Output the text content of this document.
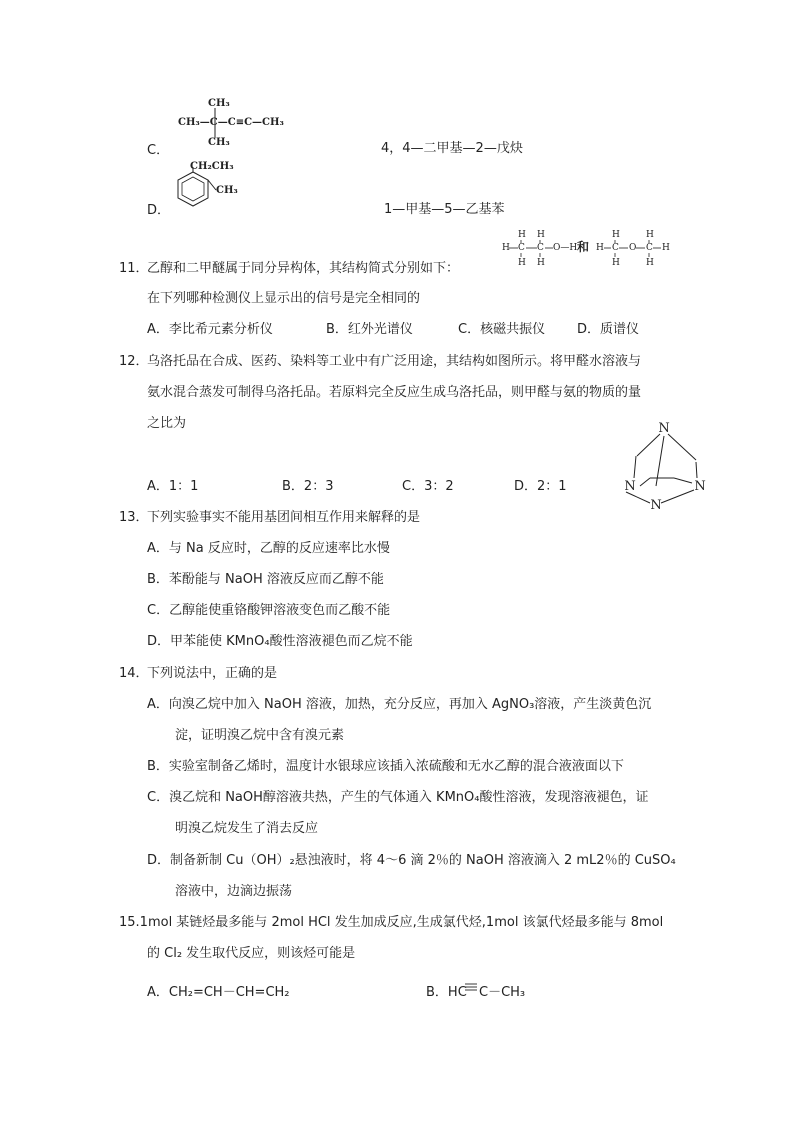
CH₃
CH₃—C—C≡C—CH₃
CH₃
C．	4，4—二甲基—2—戊炔
CH₂CH₃
CH₃
D．	1—甲基—5—乙基苯
H H
H C C O—H
H H
和
H	H
H C O C H
H	H
11．
乙醇和二甲醚属于同分异构体，其结构简式分别如下：
在下列哪种检测仪上显示出的信号是完全相同的
A．李比希元素分析仪	B．红外光谱仪	C．核磁共振仪 D．质谱仪
12．
乌洛托品在合成、医药、染料等工业中有广泛用途，其结构如图所示。将甲醛水溶液与
氨水混合蒸发可制得乌洛托品。若原料完全反应生成乌洛托品，则甲醛与氨的物质的量
之比为
A．1：1	B．2：3	C．3：2	D．2：1
N
N	N
N
13．
下列实验事实不能用基团间相互作用来解释的是
A．与 Na 反应时，乙醇的反应速率比水慢
B．苯酚能与 NaOH 溶液反应而乙醇不能
C．乙醇能使重铬酸钾溶液变色而乙酸不能
D．甲苯能使 KMnO₄酸性溶液褪色而乙烷不能
14．
下列说法中，正确的是
A．向溴乙烷中加入 NaOH 溶液，加热，充分反应，再加入 AgNO₃溶液，产生淡黄色沉
淀，证明溴乙烷中含有溴元素
B．实验室制备乙烯时，温度计水银球应该插入浓硫酸和无水乙醇的混合液液面以下
C．溴乙烷和 NaOH醇溶液共热，产生的气体通入 KMnO₄酸性溶液，发现溶液褪色，证
明溴乙烷发生了消去反应
D．制备新制 Cu（OH）₂悬浊液时，将 4～6 滴 2％的 NaOH 溶液滴入 2 mL2％的 CuSO₄
溶液中，边滴边振荡
15.1mol 某链烃最多能与 2mol HCl 发生加成反应,生成氯代烃,1mol 该氯代烃最多能与 8mol
的 Cl₂ 发生取代反应，则该烃可能是
A．CH₂=CH－CH=CH₂	B．HC C－CH₃
